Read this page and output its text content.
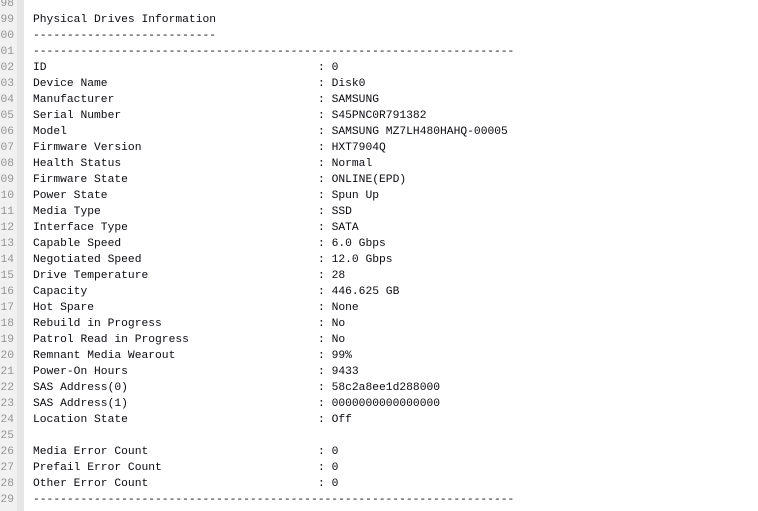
98
99 Physical Drives Information
00 ---------------------------
01 -----------------------------------------------------------------------
02 ID	: 0
03 Device Name	: Disk0
04 Manufacturer	: SAMSUNG
05 Serial Number	: S45PNC0R791382
06 Model	: SAMSUNG MZ7LH480HAHQ-00005
07 Firmware Version	: HXT7904Q
08 Health Status	: Normal
09 Firmware State	: ONLINE(EPD)
10 Power State	: Spun Up
11 Media Type	: SSD
12 Interface Type	: SATA
13 Capable Speed	: 6.0 Gbps
14 Negotiated Speed	: 12.0 Gbps
15 Drive Temperature	: 28
16 Capacity	: 446.625 GB
17 Hot Spare	: None
18 Rebuild in Progress	: No
19 Patrol Read in Progress	: No
20 Remnant Media Wearout	: 99%
21 Power-On Hours	: 9433
22 SAS Address(0)	: 58c2a8ee1d288000
23 SAS Address(1)	: 0000000000000000
24 Location State	: Off
25
26 Media Error Count	: 0
27 Prefail Error Count	: 0
28 Other Error Count	: 0
29 -----------------------------------------------------------------------
